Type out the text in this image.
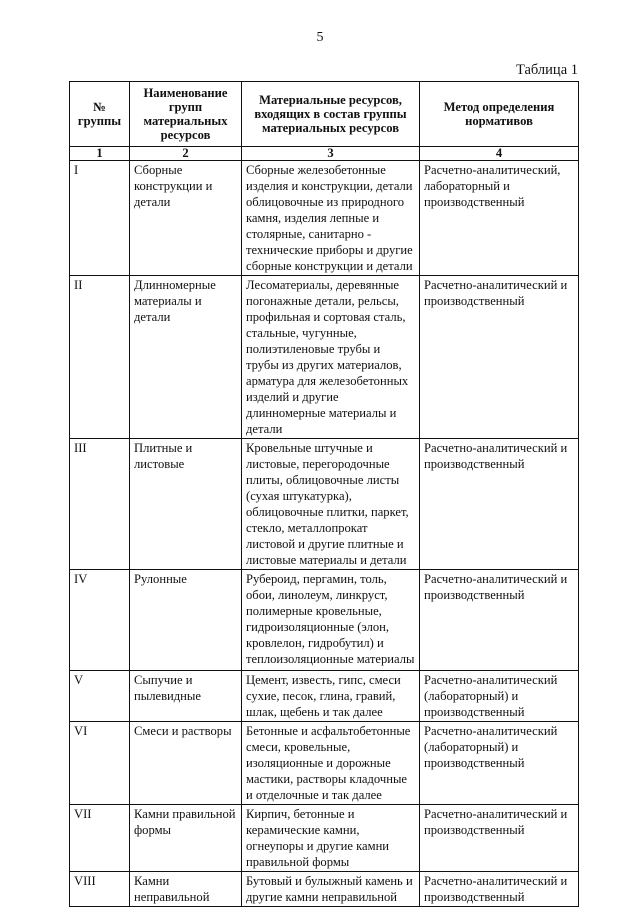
5
Таблица 1
№ группы	Наименование групп материальных ресурсов	Материальные ресурсов, входящих в состав группы материальных ресурсов	Метод определения нормативов
1	2	3	4
I	Сборные конструкции и детали	Сборные железобетонные изделия и конструкции, детали облицовочные из природного камня, изделия лепные и столярные, санитарно - технические приборы и другие сборные конструкции и детали	Расчетно-аналитический, лабораторный и производственный
II	Длинномерные материалы и детали	Лесоматериалы, деревянные погонажные детали, рельсы, профильная и сортовая сталь, стальные, чугунные, полиэтиленовые трубы и трубы из других материалов, арматура для железобетонных изделий и другие длинномерные материалы и детали	Расчетно-аналитический и производственный
III	Плитные и листовые	Кровельные штучные и листовые, перегородочные плиты, облицовочные листы (сухая штукатурка), облицовочные плитки, паркет, стекло, металлопрокат листовой и другие плитные и листовые материалы и детали	Расчетно-аналитический и производственный
IV	Рулонные	Рубероид, пергамин, толь, обои, линолеум, линкруст, полимерные кровельные, гидроизоляционные (элон, кровлелон, гидробутил) и теплоизоляционные материалы	Расчетно-аналитический и производственный
V	Сыпучие и пылевидные	Цемент, известь, гипс, смеси сухие, песок, глина, гравий, шлак, щебень и так далее	Расчетно-аналитический (лабораторный) и производственный
VI	Смеси и растворы	Бетонные и асфальтобетонные смеси, кровельные, изоляционные и дорожные мастики, растворы кладочные и отделочные и так далее	Расчетно-аналитический (лабораторный) и производственный
VII	Камни правильной формы	Кирпич, бетонные и керамические камни, огнеупоры и другие камни правильной формы	Расчетно-аналитический и производственный
VIII	Камни неправильной	Бутовый и булыжный камень и другие камни неправильной	Расчетно-аналитический и производственный
